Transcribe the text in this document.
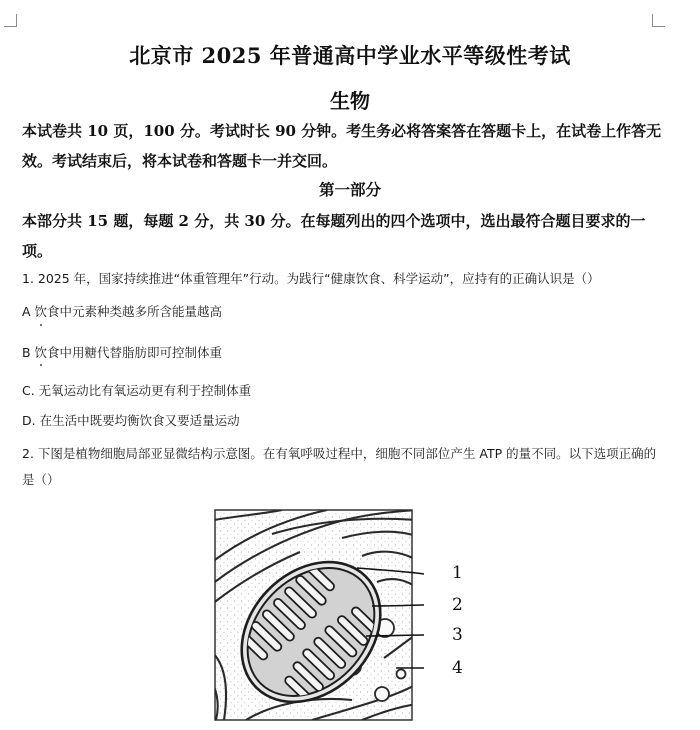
北京市 2025 年普通高中学业水平等级性考试
生物
本试卷共 10 页，100 分。考试时长 90 分钟。考生务必将答案答在答题卡上，在试卷上作答无效。考试结束后，将本试卷和答题卡一并交回。
第一部分
本部分共 15 题，每题 2 分，共 30 分。在每题列出的四个选项中，选出最符合题目要求的一项。
1. 2025 年，国家持续推进“体重管理年”行动。为践行“健康饮食、科学运动”，应持有的正确认识是（）
A 饮食中元素种类越多所含能量越高
B 饮食中用糖代替脂肪即可控制体重
C. 无氧运动比有氧运动更有利于控制体重
D. 在生活中既要均衡饮食又要适量运动
2. 下图是植物细胞局部亚显微结构示意图。在有氧呼吸过程中，细胞不同部位产生 ATP 的量不同。以下选项正确的是（）
1
2
3
4
